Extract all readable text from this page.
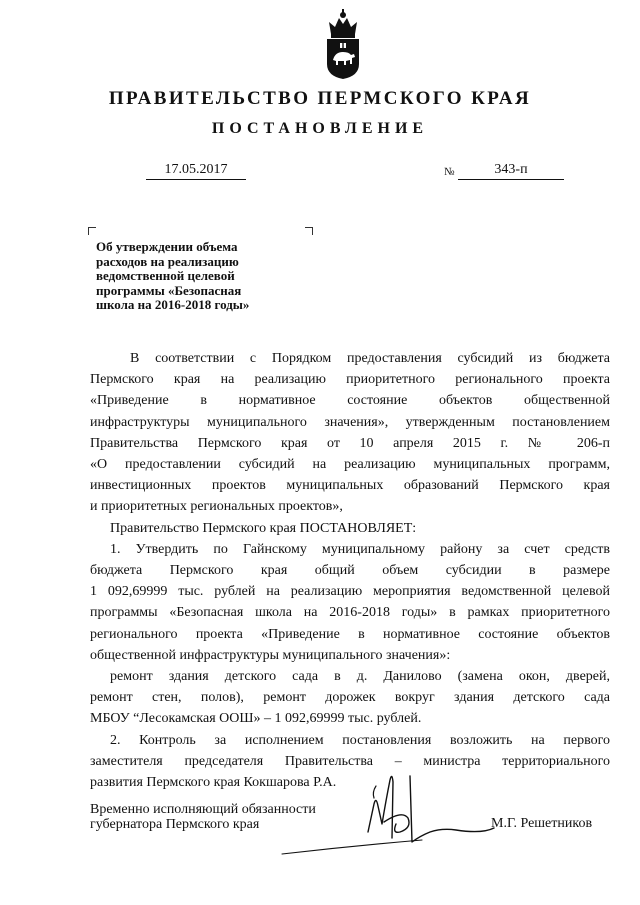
ПРАВИТЕЛЬСТВО ПЕРМСКОГО КРАЯ
ПОСТАНОВЛЕНИЕ
17.05.2017	№	343-п
Об утверждении объема
расходов на реализацию
ведомственной целевой
программы «Безопасная
школа на 2016-2018 годы»
В соответствии с Порядком предоставления субсидий из бюджета
Пермского края на реализацию приоритетного регионального проекта
«Приведение в нормативное состояние объектов общественной
инфраструктуры муниципального значения», утвержденным постановлением
Правительства Пермского края от 10 апреля 2015 г. № 206-п
«О предоставлении субсидий на реализацию муниципальных программ,
инвестиционных проектов муниципальных образований Пермского края
и приоритетных региональных проектов»,
Правительство Пермского края ПОСТАНОВЛЯЕТ:
1. Утвердить по Гайнскому муниципальному району за счет средств
бюджета Пермского края общий объем субсидии в размере
1 092,69999 тыс. рублей на реализацию мероприятия ведомственной целевой
программы «Безопасная школа на 2016-2018 годы» в рамках приоритетного
регионального проекта «Приведение в нормативное состояние объектов
общественной инфраструктуры муниципального значения»:
ремонт здания детского сада в д. Данилово (замена окон, дверей,
ремонт стен, полов), ремонт дорожек вокруг здания детского сада
МБОУ “Лесокамская ООШ» – 1 092,69999 тыс. рублей.
2. Контроль за исполнением постановления возложить на первого
заместителя председателя Правительства – министра территориального
развития Пермского края Кокшарова Р.А.
Временно исполняющий обязанности
губернатора Пермского края	М.Г. Решетников
